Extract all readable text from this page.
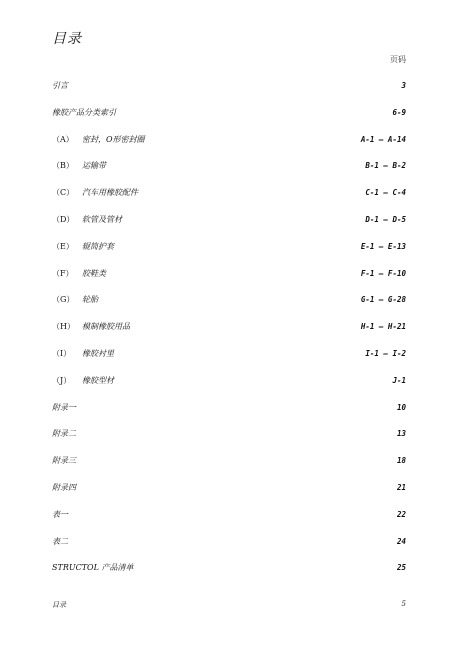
目录
页码
引言	3
橡胶产品分类索引	6-9
（A）	密封，O形密封圈	A-1 – A-14
（B）	运输带	B-1 – B-2
（C） 汽车用橡胶配件	C-1 – C-4
（D） 软管及管材	D-1 – D-5
（E）	辊筒护套	E-1 – E-13
（F）	胶鞋类	F-1 – F-10
（G） 轮胎	G-1 – G-28
（H） 模制橡胶用品	H-1 – H-21
（I）	橡胶衬里	I-1 – I-2
（J）	橡胶型材	J-1
附录一	10
附录二	13
附录三	18
附录四	21
表一	22
表二	24
STRUCTOL 产品清单	25
目录	5
